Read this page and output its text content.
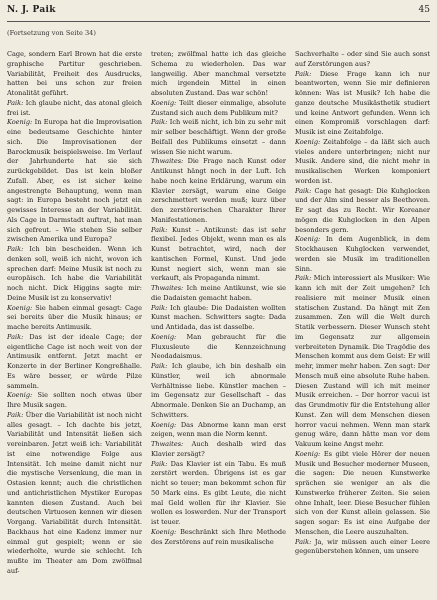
N. J. Paik	45
(Fortsetzung von Seite 34)

Cage, sondern Earl Brown hat die erste graphische Partitur geschrieben. Variabilität, Freiheit des Ausdrucks, hatten bei uns schon zur freien Atonalität geführt.

Paik: Ich glaube nicht, das atonal gleich frei ist.

Koenig: In Europa hat die Improvisation eine bedeutsame Geschichte hinter sich. Die Improvisationen der Barockmusik beispielsweise. Im Verlauf der Jahrhunderte hat sie sich zurückgebildet. Das ist kein bloßer Zufall. Aber, es ist sicher keine angestrengte Behauptung, wenn man sagt: in Europa besteht noch jetzt ein gewisses Interesse an der Variabilität. Als Cage in Darmstadt auftrat, hat man sich gefreut. – Wie stehen Sie selber zwischen Amerika und Europa?

Paik: Ich bin bescheiden. Wenn ich denken soll, weiß ich nicht, wovon ich sprechen darf: Meine Musik ist noch zu europäisch. Ich habe die Variabilität noch nicht. Dick Higgins sagte mir: Deine Musik ist zu konservativ!

Koenig: Sie haben einmal gesagt: Cage sei bereits über die Musik hinaus; er mache bereits Antimusik.

Paik: Das ist der ideale Cage; der eigentliche Cage ist noch weit von der Antimusik entfernt. Jetzt macht er Konzerte in der Berliner Kongreßhalle. Es wäre besser, er würde Pilze sammeln.

Koenig: Sie sollten noch etwas über Ihre Musik sagen.

Paik: Über die Variabilität ist noch nicht alles gesagt. – Ich dachte bis jetzt, Variabilität und Intensität ließen sich vereinbaren. Jetzt weiß ich: Variabilität ist eine notwendige Folge aus Intensität. Ich meine damit nicht nur die mystische Versenkung, die man in Ostasien kennt; auch die christlichen und antichristlichen Mystiker Europas kannten diesen Zustand. Auch bei deutschen Virtuosen kennen wir diesen Vorgang. Variabilität durch Intensität. Backhaus hat eine Kadenz immer nur einmal gut gespielt; wenn er sie wiederholte, wurde sie schlecht. Ich mußte im Theater am Dom zwölfmal auf-

treten; zwölfmal hatte ich das gleiche Schema zu wiederholen. Das war langweilig. Aber manchmal versetzte mich irgendein Mittel in einen absoluten Zustand. Das war schön!

Koenig: Teilt dieser einmalige, absolute Zustand sich auch dem Publikum mit?

Paik: Ich weiß nicht, ich bin zu sehr mit mir selber beschäftigt. Wenn der große Beifall des Publikums einsetzt – dann wissen Sie nicht warum.

Thwaites: Die Frage nach Kunst oder Antikunst hängt noch in der Luft. Ich habe noch keine Erklärung, warum ein Klavier zersägt, warum eine Geige zerschmettert werden muß; kurz über den zerstörerischen Charakter Ihrer Manifestationen.

Paik: Kunst – Antikunst: das ist sehr flexibel. Jedes Objekt, wenn man es als Kunst betrachtet, wird, nach der kantischen Formel, Kunst. Und jede Kunst negiert sich, wenn man sie verkauft, als Propaganda nimmt.

Thwaites: Ich meine Antikunst, wie sie die Dadaisten gemacht haben.

Paik: Ich glaube: Die Dadaisten wollten Kunst machen. Schwitters sagte: Dada und Antidada, das ist dasselbe.

Koenig: Man gebraucht für die Fluxusleute die Kennzeichnung Neodadaismus.

Paik: Ich glaube, ich bin deshalb ein Künstler, weil ich abnormale Verhältnisse liebe. Künstler machen – im Gegensatz zur Gesellschaft – das Abnormale. Denken Sie an Duchamp, an Schwitters.

Koenig: Das Abnorme kann man erst zeigen, wenn man die Norm kennt.

Thwaites: Auch deshalb wird das Klavier zersägt?

Paik: Das Klavier ist ein Tabu. Es muß zerstört werden. Übrigens ist es gar nicht so teuer; man bekommt schon für 50 Mark eins. Es gibt Leute, die nicht mal Geld wollen für ihr Klavier. Sie wollen es loswerden. Nur der Transport ist teuer.

Koenig: Beschränkt sich Ihre Methode des Zerstörens auf rein musikalische

Sachverhalte – oder sind Sie auch sonst auf Zerstörungen aus?

Paik: Diese Frage kann ich nur beantworten, wenn Sie mir definieren können: Was ist Musik? Ich habe die ganze deutsche Musikästhetik studiert und keine Antwort gefunden. Wenn ich einen Kompromiß vorschlagen darf: Musik ist eine Zeitabfolge.

Koenig: Zeitabfolge – da läßt sich auch vieles andere unterbringen; nicht nur Musik. Andere sind, die nicht mehr in musikalischen Werken komponiert worden ist.

Paik: Cage hat gesagt: Die Kuhglocken und der Alm sind besser als Beethoven. Er sagt das zu Recht. Wir Koreaner mögen die Kuhglocken in den Alpen besonders gern.

Koenig: In dem Augenblick, in dem Stockhausen Kuhglocken verwendet, werden sie Musik im traditionellen Sinn.

Paik: Mich interessiert als Musiker: Wie kann ich mit der Zeit umgehen? Ich realisiere mit meiner Musik einen statischen Zustand. Da hängt mit Zen zusammen. Zen will die Welt durch Statik verbessern. Dieser Wunsch steht im Gegensatz zur allgemein verbreiteten Dynamik. Die Tragödie des Menschen kommt aus dem Geist: Er will mehr, immer mehr haben. Zen sagt: Der Mensch muß eine absolute Ruhe haben. Diesen Zustand will ich mit meiner Musik erreichen. – Der horror vacui ist das Grundmotiv für die Entstehung aller Kunst. Zen will dem Menschen diesen horror vacui nehmen. Wenn man stark genug wäre, dann hätte man vor dem Vakuum keine Angst mehr.

Koenig: Es gibt viele Hörer der neuen Musik und Besucher moderner Museen, die sagen: Die neuen Kunstwerke sprächen sie weniger an als die Kunstwerke früherer Zeiten. Sie seien ohne Inhalt, leer. Diese Besucher fühlen sich von der Kunst allein gelassen. Sie sagen sogar: Es ist eine Aufgabe der Menschen, die Leere auszuhalten.

Paik: Ja, wir müssen auch einer Leere gegenüberstehen können, um unsere
